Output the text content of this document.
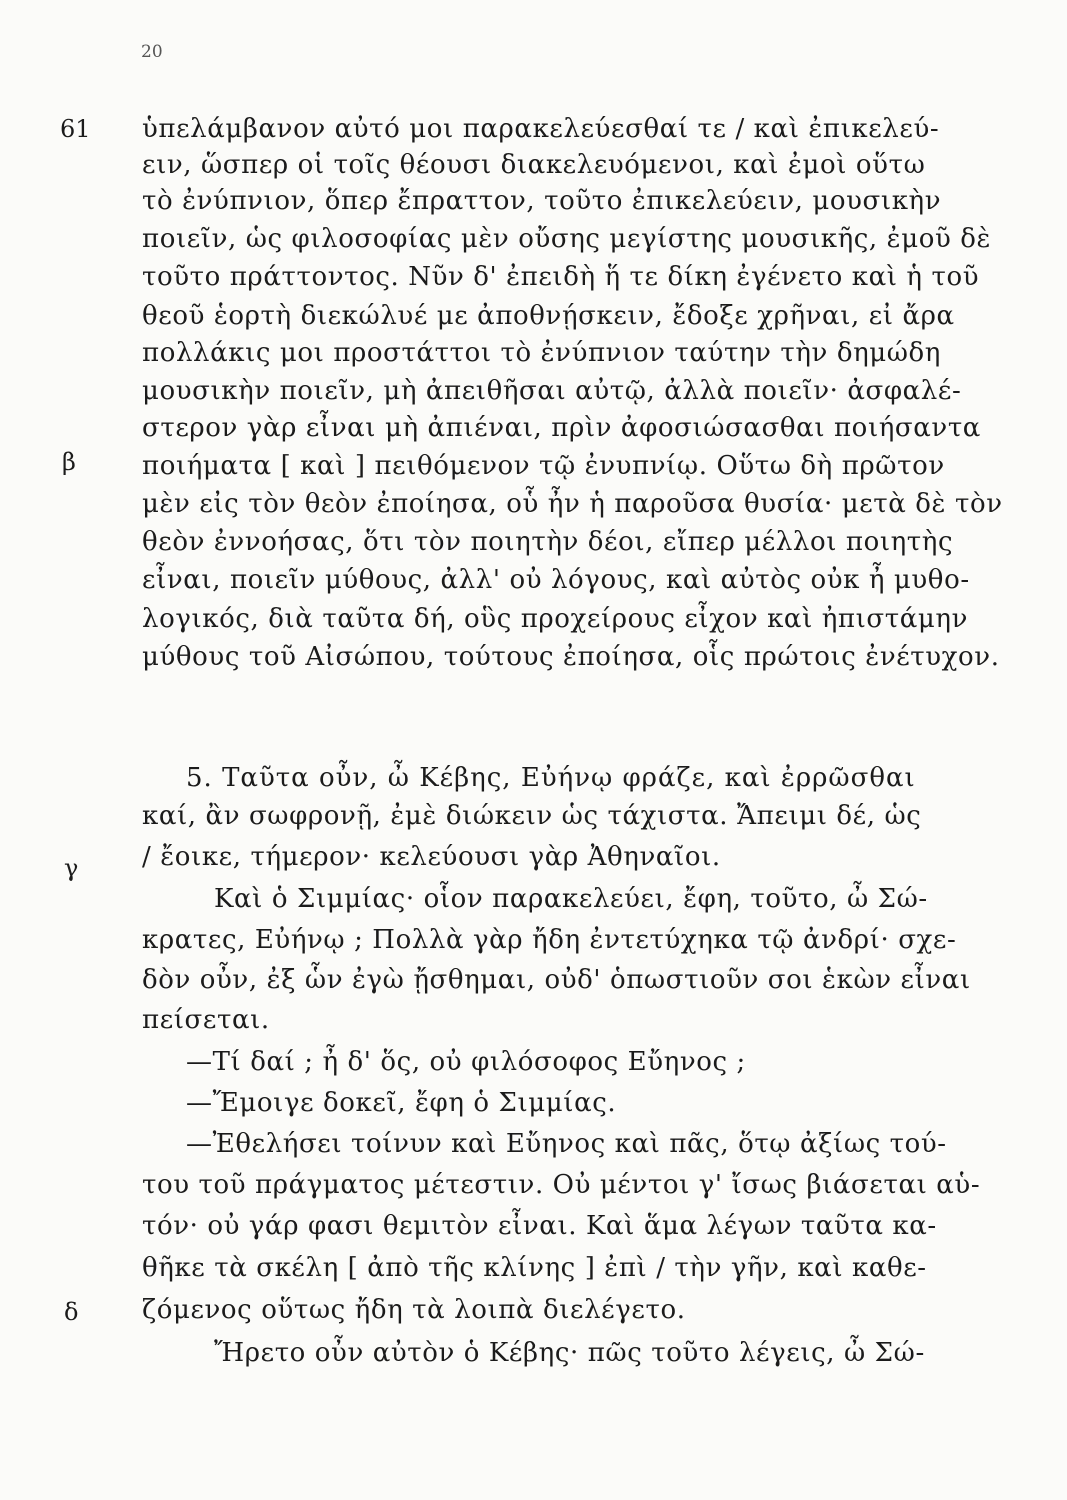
20
61
β
γ
δ
ὑπελάμβανον αὐτό μοι παρακελεύεσθαί τε / καὶ ἐπικελεύ-
ειν, ὥσπερ οἱ τοῖς θέουσι διακελευόμενοι, καὶ ἐμοὶ οὕτω
τὸ ἐνύπνιον, ὅπερ ἔπραττον, τοῦτο ἐπικελεύειν, μουσικὴν
ποιεῖν, ὡς φιλοσοφίας μὲν οὔσης μεγίστης μουσικῆς, ἐμοῦ δὲ
τοῦτο πράττοντος. Νῦν δ' ἐπειδὴ ἥ τε δίκη ἐγένετο καὶ ἡ τοῦ
θεοῦ ἑορτὴ διεκώλυέ με ἀποθνῄσκειν, ἔδοξε χρῆναι, εἰ ἄρα
πολλάκις μοι προστάττοι τὸ ἐνύπνιον ταύτην τὴν δημώδη
μουσικὴν ποιεῖν, μὴ ἀπειθῆσαι αὐτῷ, ἀλλὰ ποιεῖν· ἀσφαλέ-
στερον γὰρ εἶναι μὴ ἀπιέναι, πρὶν ἀφοσιώσασθαι ποιήσαντα
ποιήματα [ καὶ ] πειθόμενον τῷ ἐνυπνίῳ. Οὕτω δὴ πρῶτον
μὲν εἰς τὸν θεὸν ἐποίησα, οὗ ἦν ἡ παροῦσα θυσία· μετὰ δὲ τὸν
θεὸν ἐννοήσας, ὅτι τὸν ποιητὴν δέοι, εἴπερ μέλλοι ποιητὴς
εἶναι, ποιεῖν μύθους, ἀλλ' οὐ λόγους, καὶ αὐτὸς οὐκ ἦ μυθο-
λογικός, διὰ ταῦτα δή, οὓς προχείρους εἶχον καὶ ἠπιστάμην
μύθους τοῦ Αἰσώπου, τούτους ἐποίησα, οἷς πρώτοις ἐνέτυχον.
5. Ταῦτα οὖν, ὦ Κέβης, Εὐήνῳ φράζε, καὶ ἐρρῶσθαι
καί, ἂν σωφρονῇ, ἐμὲ διώκειν ὡς τάχιστα. Ἄπειμι δέ, ὡς
/ ἔοικε, τήμερον· κελεύουσι γὰρ Ἀθηναῖοι.
Καὶ ὁ Σιμμίας· οἷον παρακελεύει, ἔφη, τοῦτο, ὦ Σώ-
κρατες, Εὐήνῳ ; Πολλὰ γὰρ ἤδη ἐντετύχηκα τῷ ἀνδρί· σχε-
δὸν οὖν, ἐξ ὧν ἐγὼ ᾔσθημαι, οὐδ' ὁπωστιοῦν σοι ἑκὼν εἶναι
πείσεται.
—Τί δαί ; ἦ δ' ὅς, οὐ φιλόσοφος Εὔηνος ;
—Ἔμοιγε δοκεῖ, ἔφη ὁ Σιμμίας.
—Ἐθελήσει τοίνυν καὶ Εὔηνος καὶ πᾶς, ὅτῳ ἀξίως τού-
του τοῦ πράγματος μέτεστιν. Οὐ μέντοι γ' ἴσως βιάσεται αὑ-
τόν· οὐ γάρ φασι θεμιτὸν εἶναι. Καὶ ἅμα λέγων ταῦτα κα-
θῆκε τὰ σκέλη [ ἀπὸ τῆς κλίνης ] ἐπὶ / τὴν γῆν, καὶ καθε-
ζόμενος οὕτως ἤδη τὰ λοιπὰ διελέγετο.
Ἤρετο οὖν αὐτὸν ὁ Κέβης· πῶς τοῦτο λέγεις, ὦ Σώ-
